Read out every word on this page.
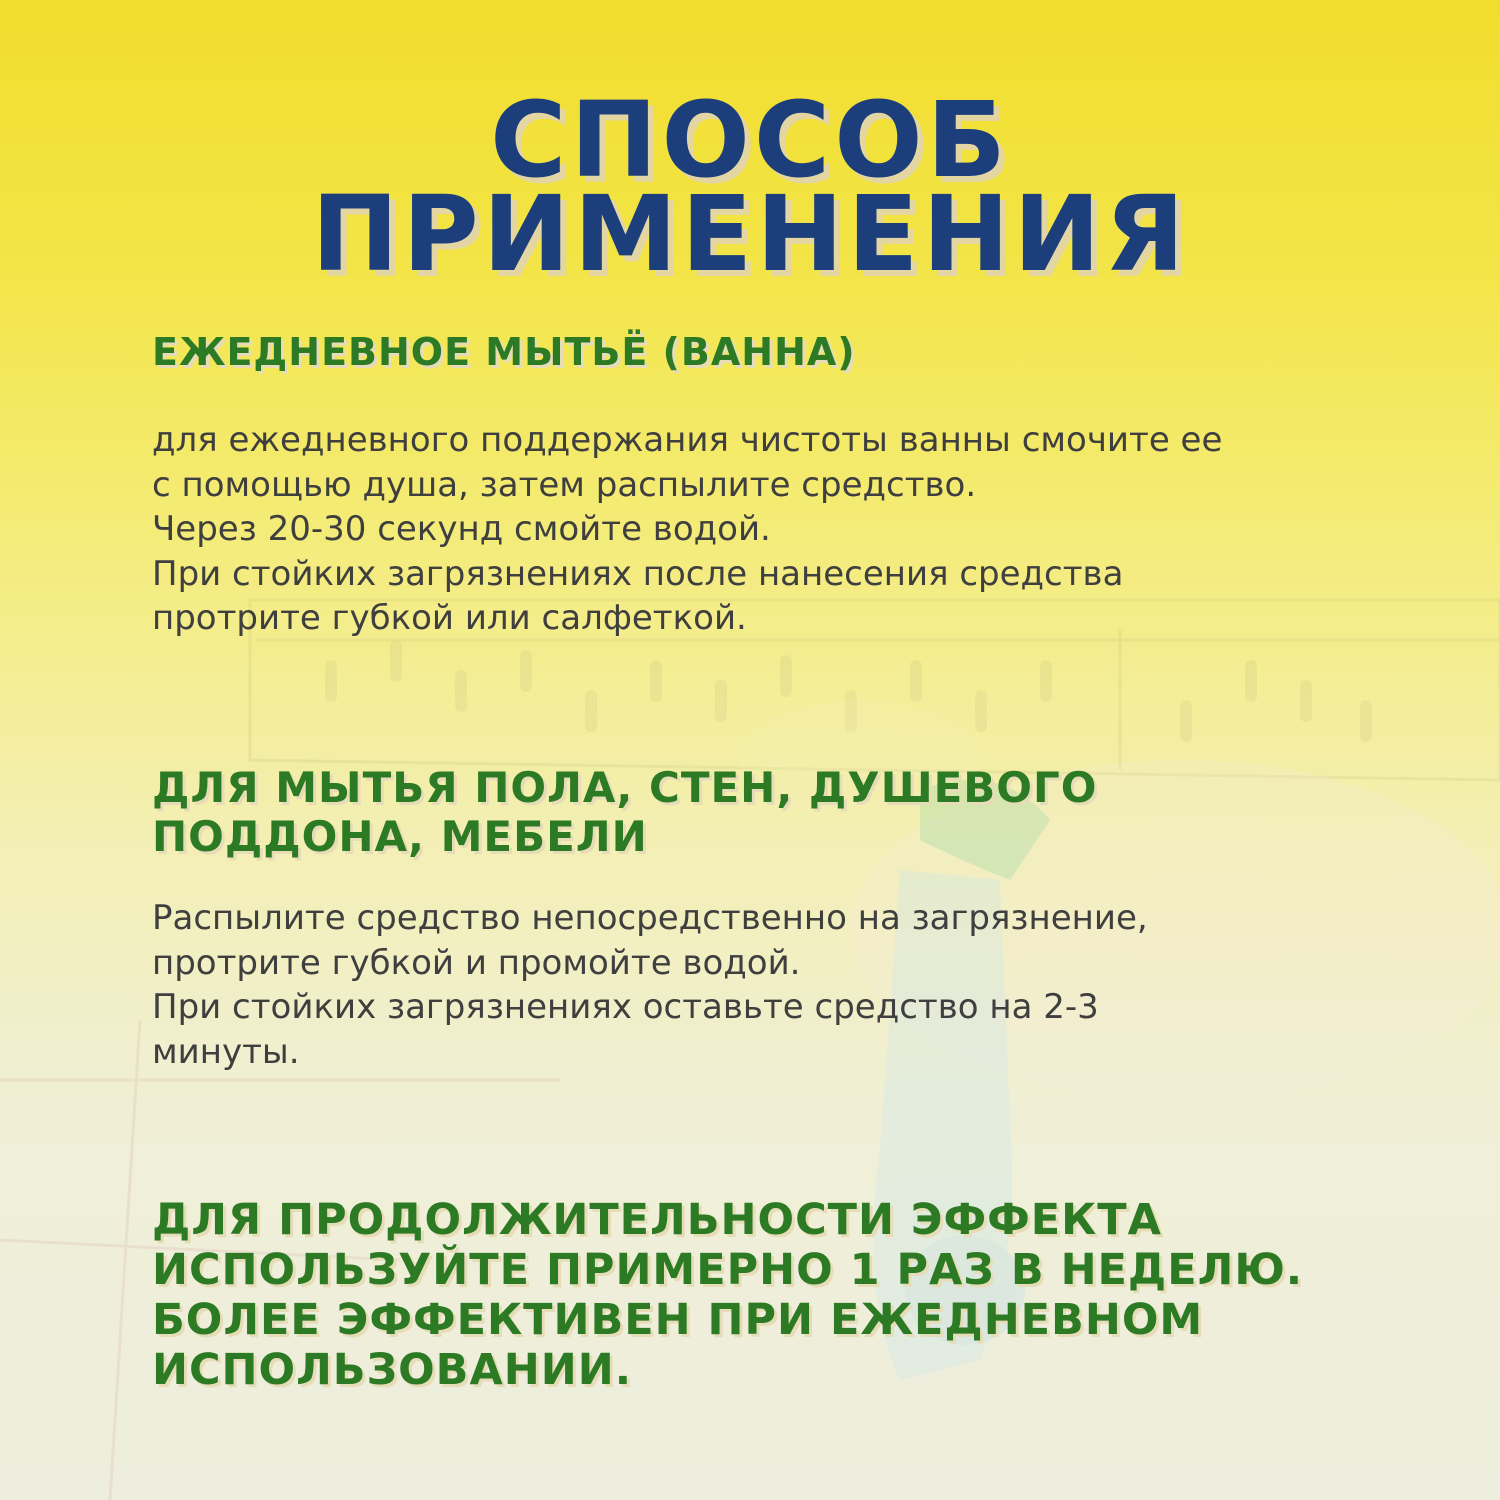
СПОСОБ
ПРИМЕНЕНИЯ
ЕЖЕДНЕВНОЕ МЫТЬЁ (ВАННА)
для ежедневного поддержания чистоты ванны смочите ее
с помощью душа, затем распылите средство.
Через 20-30 секунд смойте водой.
При стойких загрязнениях после нанесения средства
протрите губкой или салфеткой.
ДЛЯ МЫТЬЯ ПОЛА, СТЕН, ДУШЕВОГО
ПОДДОНА, МЕБЕЛИ
Распылите средство непосредственно на загрязнение,
протрите губкой и промойте водой.
При стойких загрязнениях оставьте средство на 2-3
минуты.
ДЛЯ ПРОДОЛЖИТЕЛЬНОСТИ ЭФФЕКТА
ИСПОЛЬЗУЙТЕ ПРИМЕРНО 1 РАЗ В НЕДЕЛЮ.
БОЛЕЕ ЭФФЕКТИВЕН ПРИ ЕЖЕДНЕВНОМ
ИСПОЛЬЗОВАНИИ.
